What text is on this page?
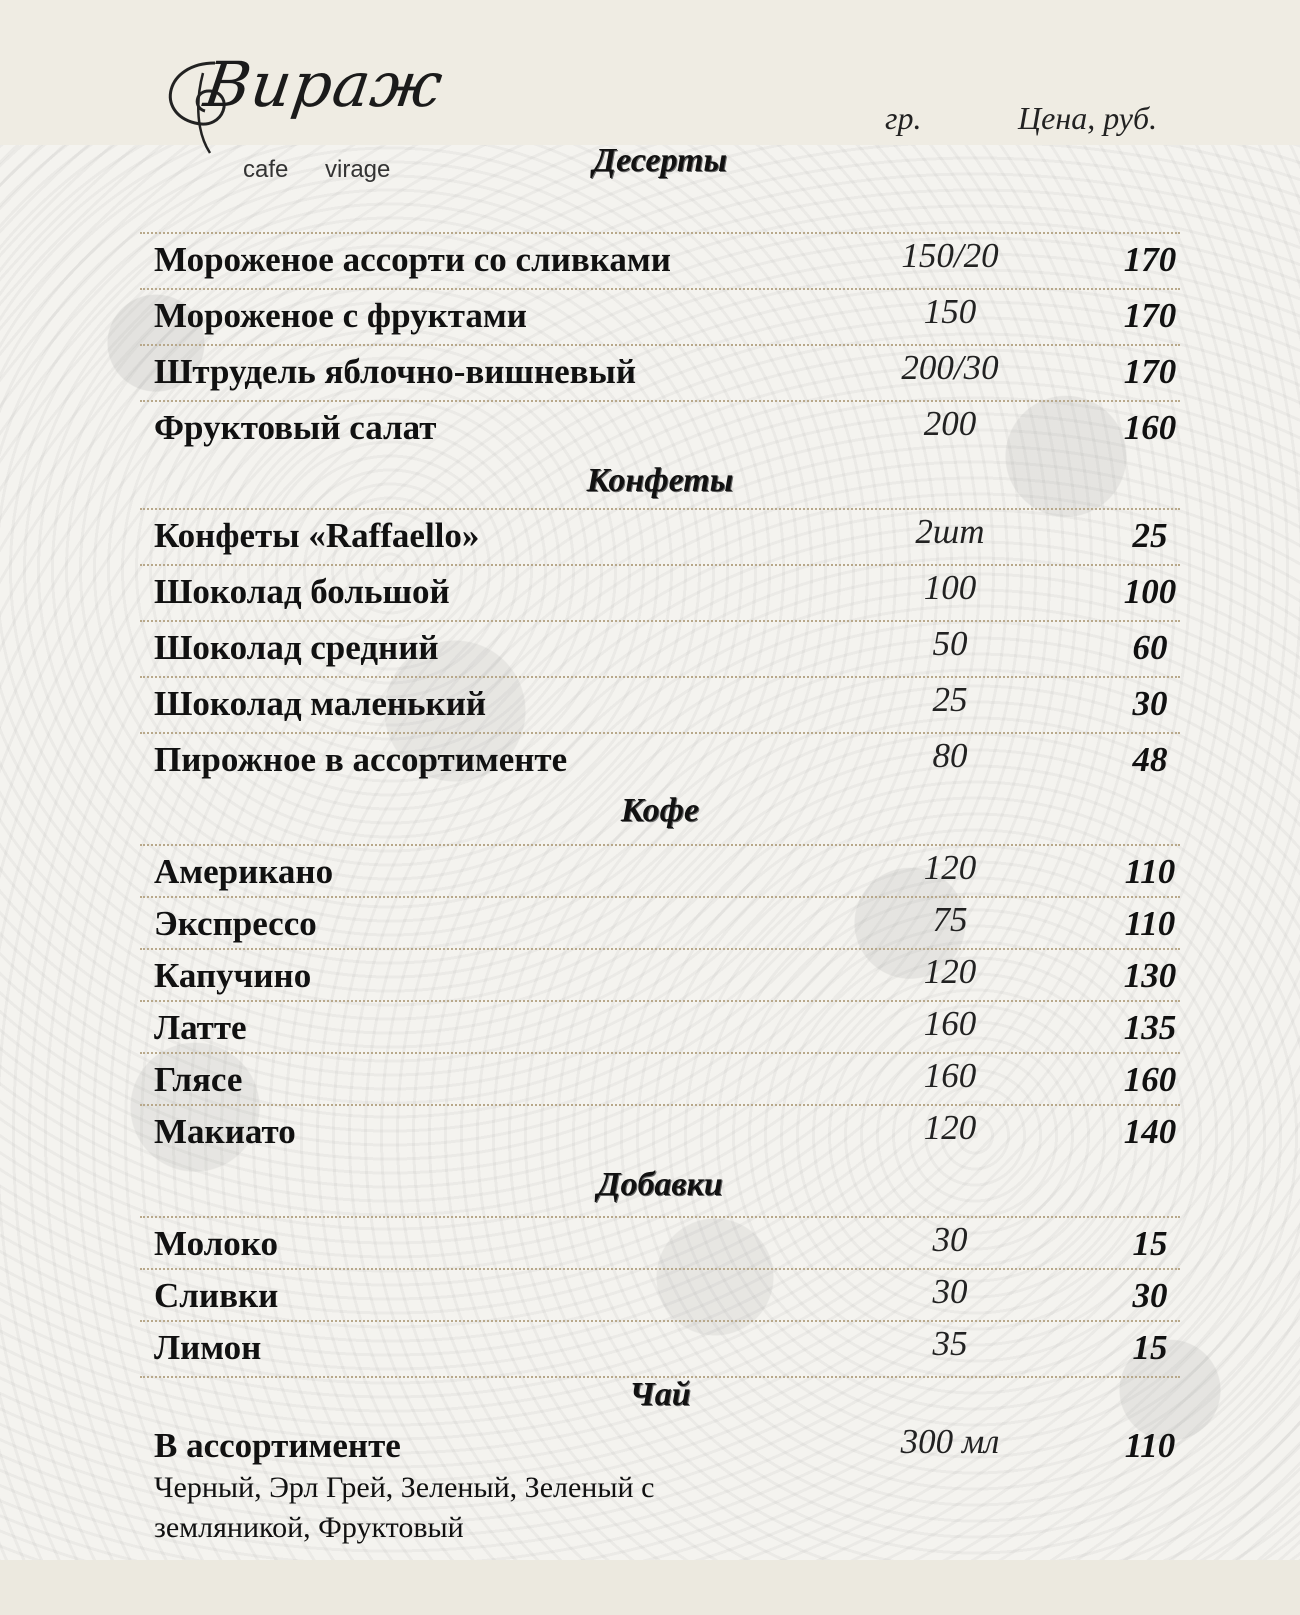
Вираж
cafe virage
гр.	Цена, руб.
Десерты
Мороженое ассорти со сливками	150/20	170
Мороженое с фруктами	150	170
Штрудель яблочно-вишневый	200/30	170
Фруктовый салат	200	160
Конфеты
Конфеты «Raffaello»	2шт	25
Шоколад большой	100	100
Шоколад средний	50	60
Шоколад маленький	25	30
Пирожное в ассортименте	80	48
Кофе
Американо	120	110
Экспрессо	75	110
Капучино	120	130
Латте	160	135
Глясе	160	160
Макиато	120	140
Добавки
Молоко	30	15
Сливки	30	30
Лимон	35	15
Чай
В ассортименте	300 мл	110
Черный, Эрл Грей, Зеленый, Зеленый с земляникой, Фруктовый
